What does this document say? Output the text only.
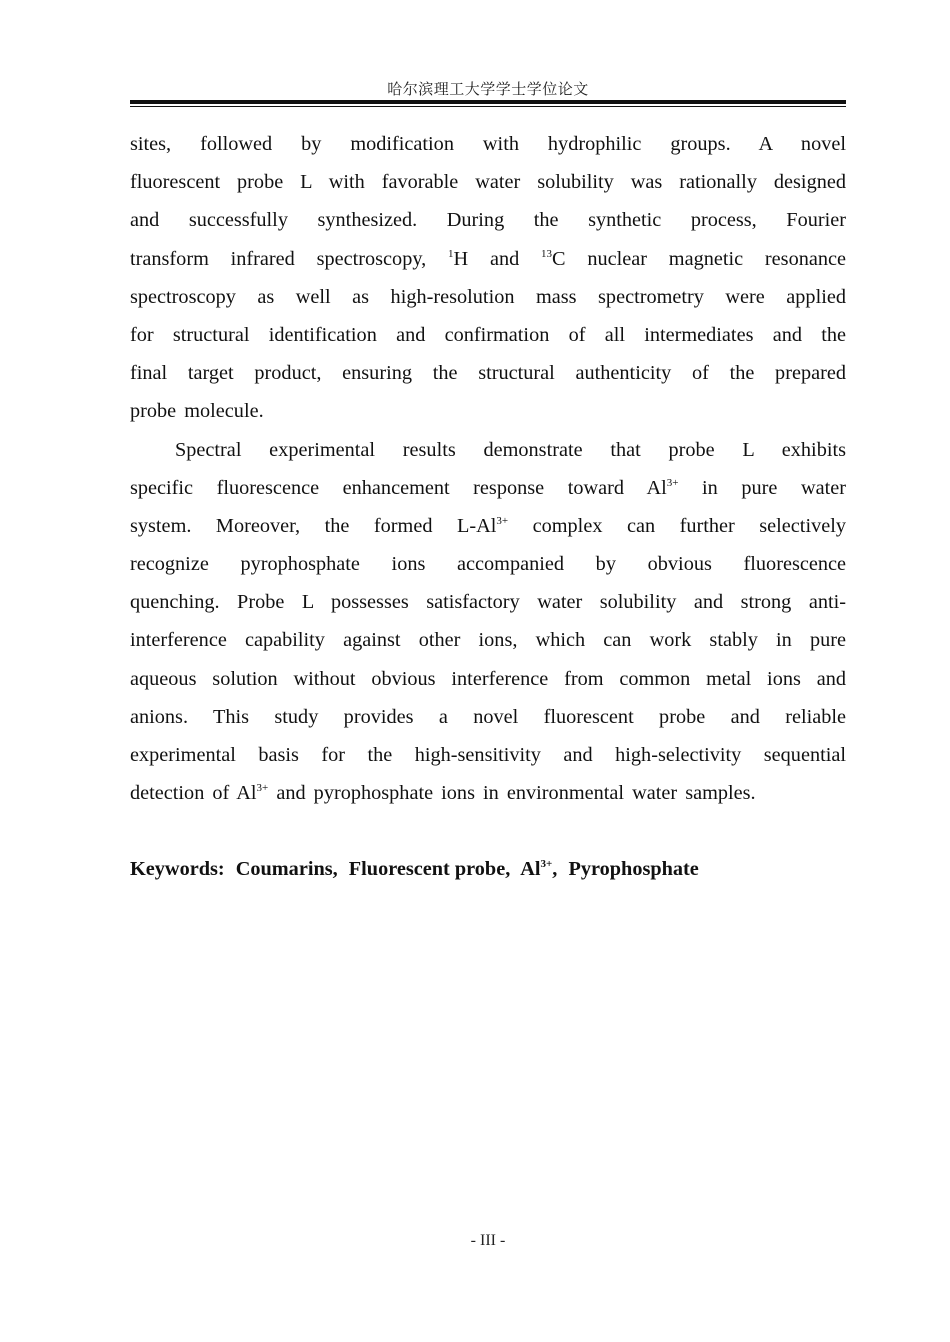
哈尔滨理工大学学士学位论文
sites, followed by modification with hydrophilic groups. A novel
fluorescent probe L with favorable water solubility was rationally designed
and successfully synthesized. During the synthetic process, Fourier
transform infrared spectroscopy, $^1$H and $^{13}$C nuclear magnetic resonance
spectroscopy as well as high-resolution mass spectrometry were applied
for structural identification and confirmation of all intermediates and the
final target product, ensuring the structural authenticity of the prepared
probe molecule.
Spectral experimental results demonstrate that probe L exhibits
specific fluorescence enhancement response toward $Al^{3+}$ in pure water
system. Moreover, the formed $L-Al^{3+}$ complex can further selectively
recognize pyrophosphate ions accompanied by obvious fluorescence
quenching. Probe L possesses satisfactory water solubility and strong anti-
interference capability against other ions, which can work stably in pure
aqueous solution without obvious interference from common metal ions and
anions. This study provides a novel fluorescent probe and reliable
experimental basis for the high-sensitivity and high-selectivity sequential
detection of $Al^{3+}$ and pyrophosphate ions in environmental water samples.
Keywords: Coumarins, Fluorescent probe, $Al^{3+}$, Pyrophosphate
- III -
